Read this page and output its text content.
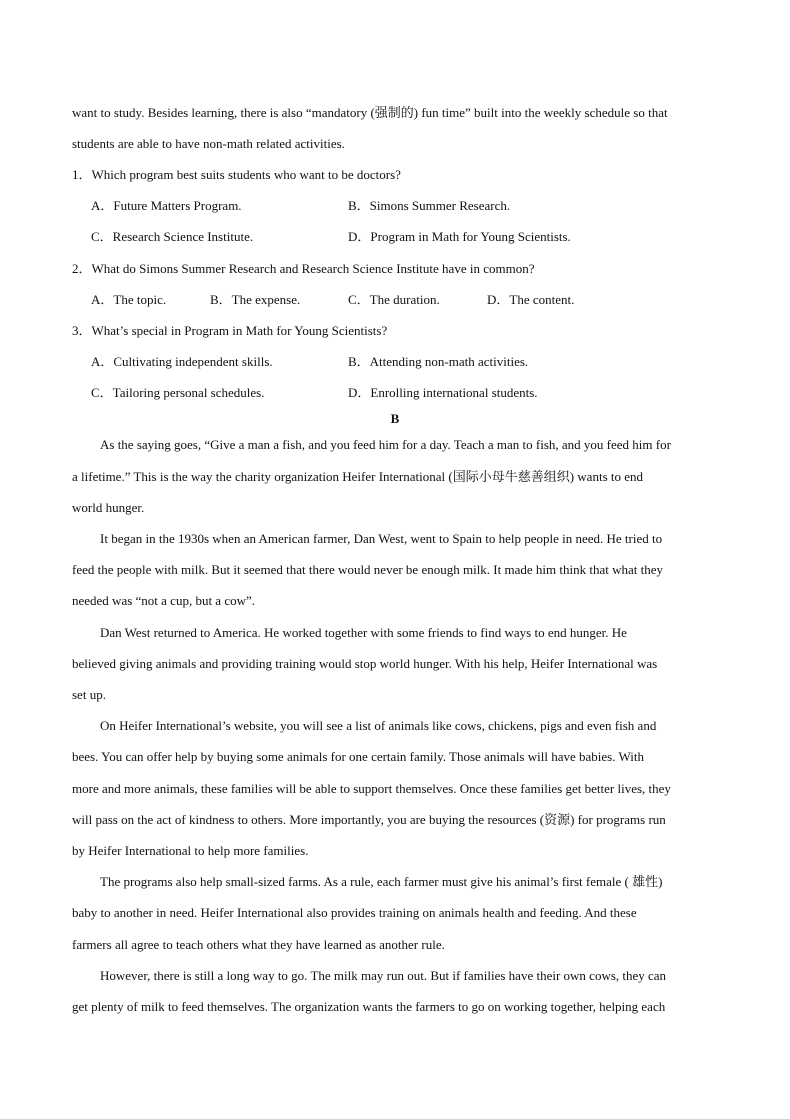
want to study. Besides learning, there is also “mandatory (强制的) fun time” built into the weekly schedule so that
students are able to have non-math related activities.
1．Which program best suits students who want to be doctors?
A．Future Matters Program.	B．Simons Summer Research.
C．Research Science Institute.	D．Program in Math for Young Scientists.
2．What do Simons Summer Research and Research Science Institute have in common?
A．The topic.	B．The expense.	C．The duration.	D．The content.
3．What’s special in Program in Math for Young Scientists?
A．Cultivating independent skills.	B．Attending non-math activities.
C．Tailoring personal schedules.	D．Enrolling international students.
B
As the saying goes, “Give a man a fish, and you feed him for a day. Teach a man to fish, and you feed him for
a lifetime.” This is the way the charity organization Heifer International (国际小母牛慈善组织) wants to end
world hunger.
It began in the 1930s when an American farmer, Dan West, went to Spain to help people in need. He tried to
feed the people with milk. But it seemed that there would never be enough milk. It made him think that what they
needed was “not a cup, but a cow”.
Dan West returned to America. He worked together with some friends to find ways to end hunger. He
believed giving animals and providing training would stop world hunger. With his help, Heifer International was
set up.
On Heifer International’s website, you will see a list of animals like cows, chickens, pigs and even fish and
bees. You can offer help by buying some animals for one certain family. Those animals will have babies. With
more and more animals, these families will be able to support themselves. Once these families get better lives, they
will pass on the act of kindness to others. More importantly, you are buying the resources (资源) for programs run
by Heifer International to help more families.
The programs also help small-sized farms. As a rule, each farmer must give his animal’s first female ( 雄性)
baby to another in need. Heifer International also provides training on animals health and feeding. And these
farmers all agree to teach others what they have learned as another rule.
However, there is still a long way to go. The milk may run out. But if families have their own cows, they can
get plenty of milk to feed themselves. The organization wants the farmers to go on working together, helping each
